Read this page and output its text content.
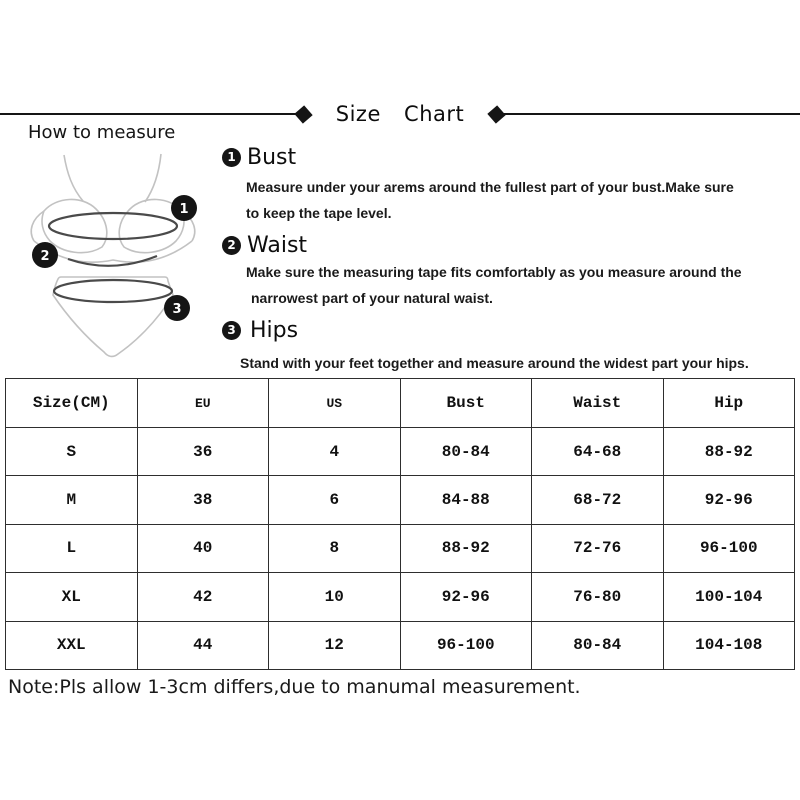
Size Chart
How to measure
1
2
3
1 Bust
Measure under your arems around the fullest part of your bust.Make sure
to keep the tape level.
2 Waist
Make sure the measuring tape fits comfortably as you measure around the
narrowest part of your natural waist.
3 Hips
Stand with your feet together and measure around the widest part your hips.
Size(CM)	EU	US	Bust	Waist	Hip
S	36	4	80-84	64-68	88-92
M	38	6	84-88	68-72	92-96
L	40	8	88-92	72-76	96-100
XL	42	10	92-96	76-80	100-104
XXL	44	12	96-100	80-84	104-108
Note:Pls allow 1-3cm differs,due to manumal measurement.
